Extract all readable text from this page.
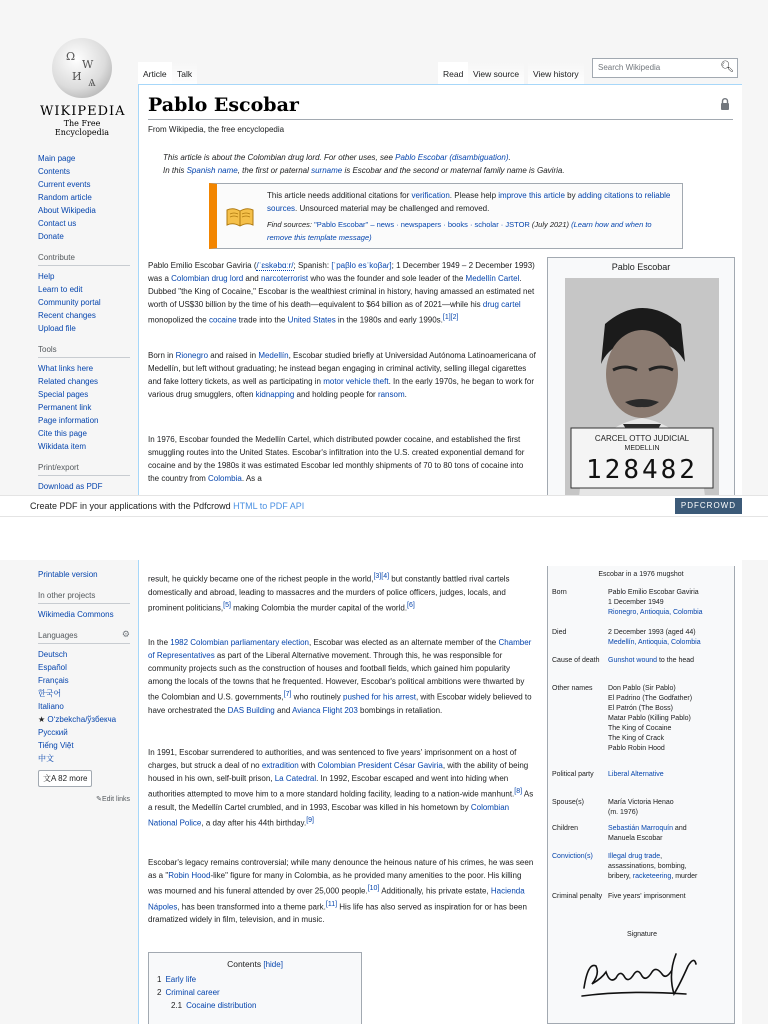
Ω
W
И Ѧ
WIKIPEDIA
The Free Encyclopedia
Main page
Contents
Current events
Random article
About Wikipedia
Contact us
Donate
Contribute
Help
Learn to edit
Community portal
Recent changes
Upload file
Tools
What links here
Related changes
Special pages
Permanent link
Page information
Cite this page
Wikidata item
Print/export
Download as PDF
Article	Talk	Read	View source	View history
Search Wikipedia	🔍︎
Pablo Escobar
From Wikipedia, the free encyclopedia
This article is about the Colombian drug lord. For other uses, see Pablo Escobar (disambiguation).
In this Spanish name, the first or paternal surname is Escobar and the second or maternal family name is Gaviria.
This article needs additional citations for verification. Please help improve this article by adding citations to reliable sources. Unsourced material may be challenged and removed.
Find sources: "Pablo Escobar" – news · newspapers · books · scholar · JSTOR (July 2021) (Learn how and when to remove this template message)
Pablo Emilio Escobar Gaviria (/ˈɛskəbɑːr/; Spanish: [ˈpaβlo esˈkoβaɾ]; 1 December 1949 – 2 December 1993) was a Colombian drug lord and narcoterrorist who was the founder and sole leader of the Medellín Cartel. Dubbed "the King of Cocaine," Escobar is the wealthiest criminal in history, having amassed an estimated net worth of US$30 billion by the time of his death—equivalent to $64 billion as of 2021—while his drug cartel monopolized the cocaine trade into the United States in the 1980s and early 1990s.[1][2]
Born in Rionegro and raised in Medellín, Escobar studied briefly at Universidad Autónoma Latinoamericana of Medellín, but left without graduating; he instead began engaging in criminal activity, selling illegal cigarettes and fake lottery tickets, as well as participating in motor vehicle theft. In the early 1970s, he began to work for various drug smugglers, often kidnapping and holding people for ransom.
In 1976, Escobar founded the Medellín Cartel, which distributed powder cocaine, and established the first smuggling routes into the United States. Escobar's infiltration into the U.S. created exponential demand for cocaine and by the 1980s it was estimated Escobar led monthly shipments of 70 to 80 tons of cocaine into the country from Colombia. As a
Pablo Escobar
CARCEL OTTO JUDICIAL
MEDELLIN
128482
Create PDF in your applications with the Pdfcrowd HTML to PDF API	PDFCROWD
Printable version
In other projects
Wikimedia Commons
Languages	⚙
Deutsch
Español
Français
한국어
Italiano
★ Oʻzbekcha/ўзбекча
Русский
Tiếng Việt
中文
文A 82 more
✎Edit links
result, he quickly became one of the richest people in the world,[3][4] but constantly battled rival cartels domestically and abroad, leading to massacres and the murders of police officers, judges, locals, and prominent politicians,[5] making Colombia the murder capital of the world.[6]
In the 1982 Colombian parliamentary election, Escobar was elected as an alternate member of the Chamber of Representatives as part of the Liberal Alternative movement. Through this, he was responsible for community projects such as the construction of houses and football fields, which gained him popularity among the locals of the towns that he frequented. However, Escobar's political ambitions were thwarted by the Colombian and U.S. governments,[7] who routinely pushed for his arrest, with Escobar widely believed to have orchestrated the DAS Building and Avianca Flight 203 bombings in retaliation.
In 1991, Escobar surrendered to authorities, and was sentenced to five years' imprisonment on a host of charges, but struck a deal of no extradition with Colombian President César Gaviria, with the ability of being housed in his own, self-built prison, La Catedral. In 1992, Escobar escaped and went into hiding when authorities attempted to move him to a more standard holding facility, leading to a nation-wide manhunt.[8] As a result, the Medellín Cartel crumbled, and in 1993, Escobar was killed in his hometown by Colombian National Police, a day after his 44th birthday.[9]
Escobar's legacy remains controversial; while many denounce the heinous nature of his crimes, he was seen as a "Robin Hood-like" figure for many in Colombia, as he provided many amenities to the poor. His killing was mourned and his funeral attended by over 25,000 people.[10] Additionally, his private estate, Hacienda Nápoles, has been transformed into a theme park.[11] His life has also served as inspiration for or has been dramatized widely in film, television, and in music.
Contents [hide]
1 Early life
2 Criminal career
2.1 Cocaine distribution
Escobar in a 1976 mugshot
Born	Pablo Emilio Escobar Gaviria
1 December 1949
Rionegro, Antioquia, Colombia
Died	2 December 1993 (aged 44)
Medellín, Antioquia, Colombia
Cause of death	Gunshot wound to the head
Other names	Don Pablo (Sir Pablo)
El Padrino (The Godfather)
El Patrón (The Boss)
Matar Pablo (Killing Pablo)
The King of Cocaine
The King of Crack
Pablo Robin Hood
Political party	Liberal Alternative
Spouse(s)	María Victoria Henao
(m. 1976)
Children	Sebastián Marroquín and
Manuela Escobar
Conviction(s)	Illegal drug trade,
assassinations, bombing,
bribery, racketeering, murder
Criminal penalty Five years' imprisonment
Signature
